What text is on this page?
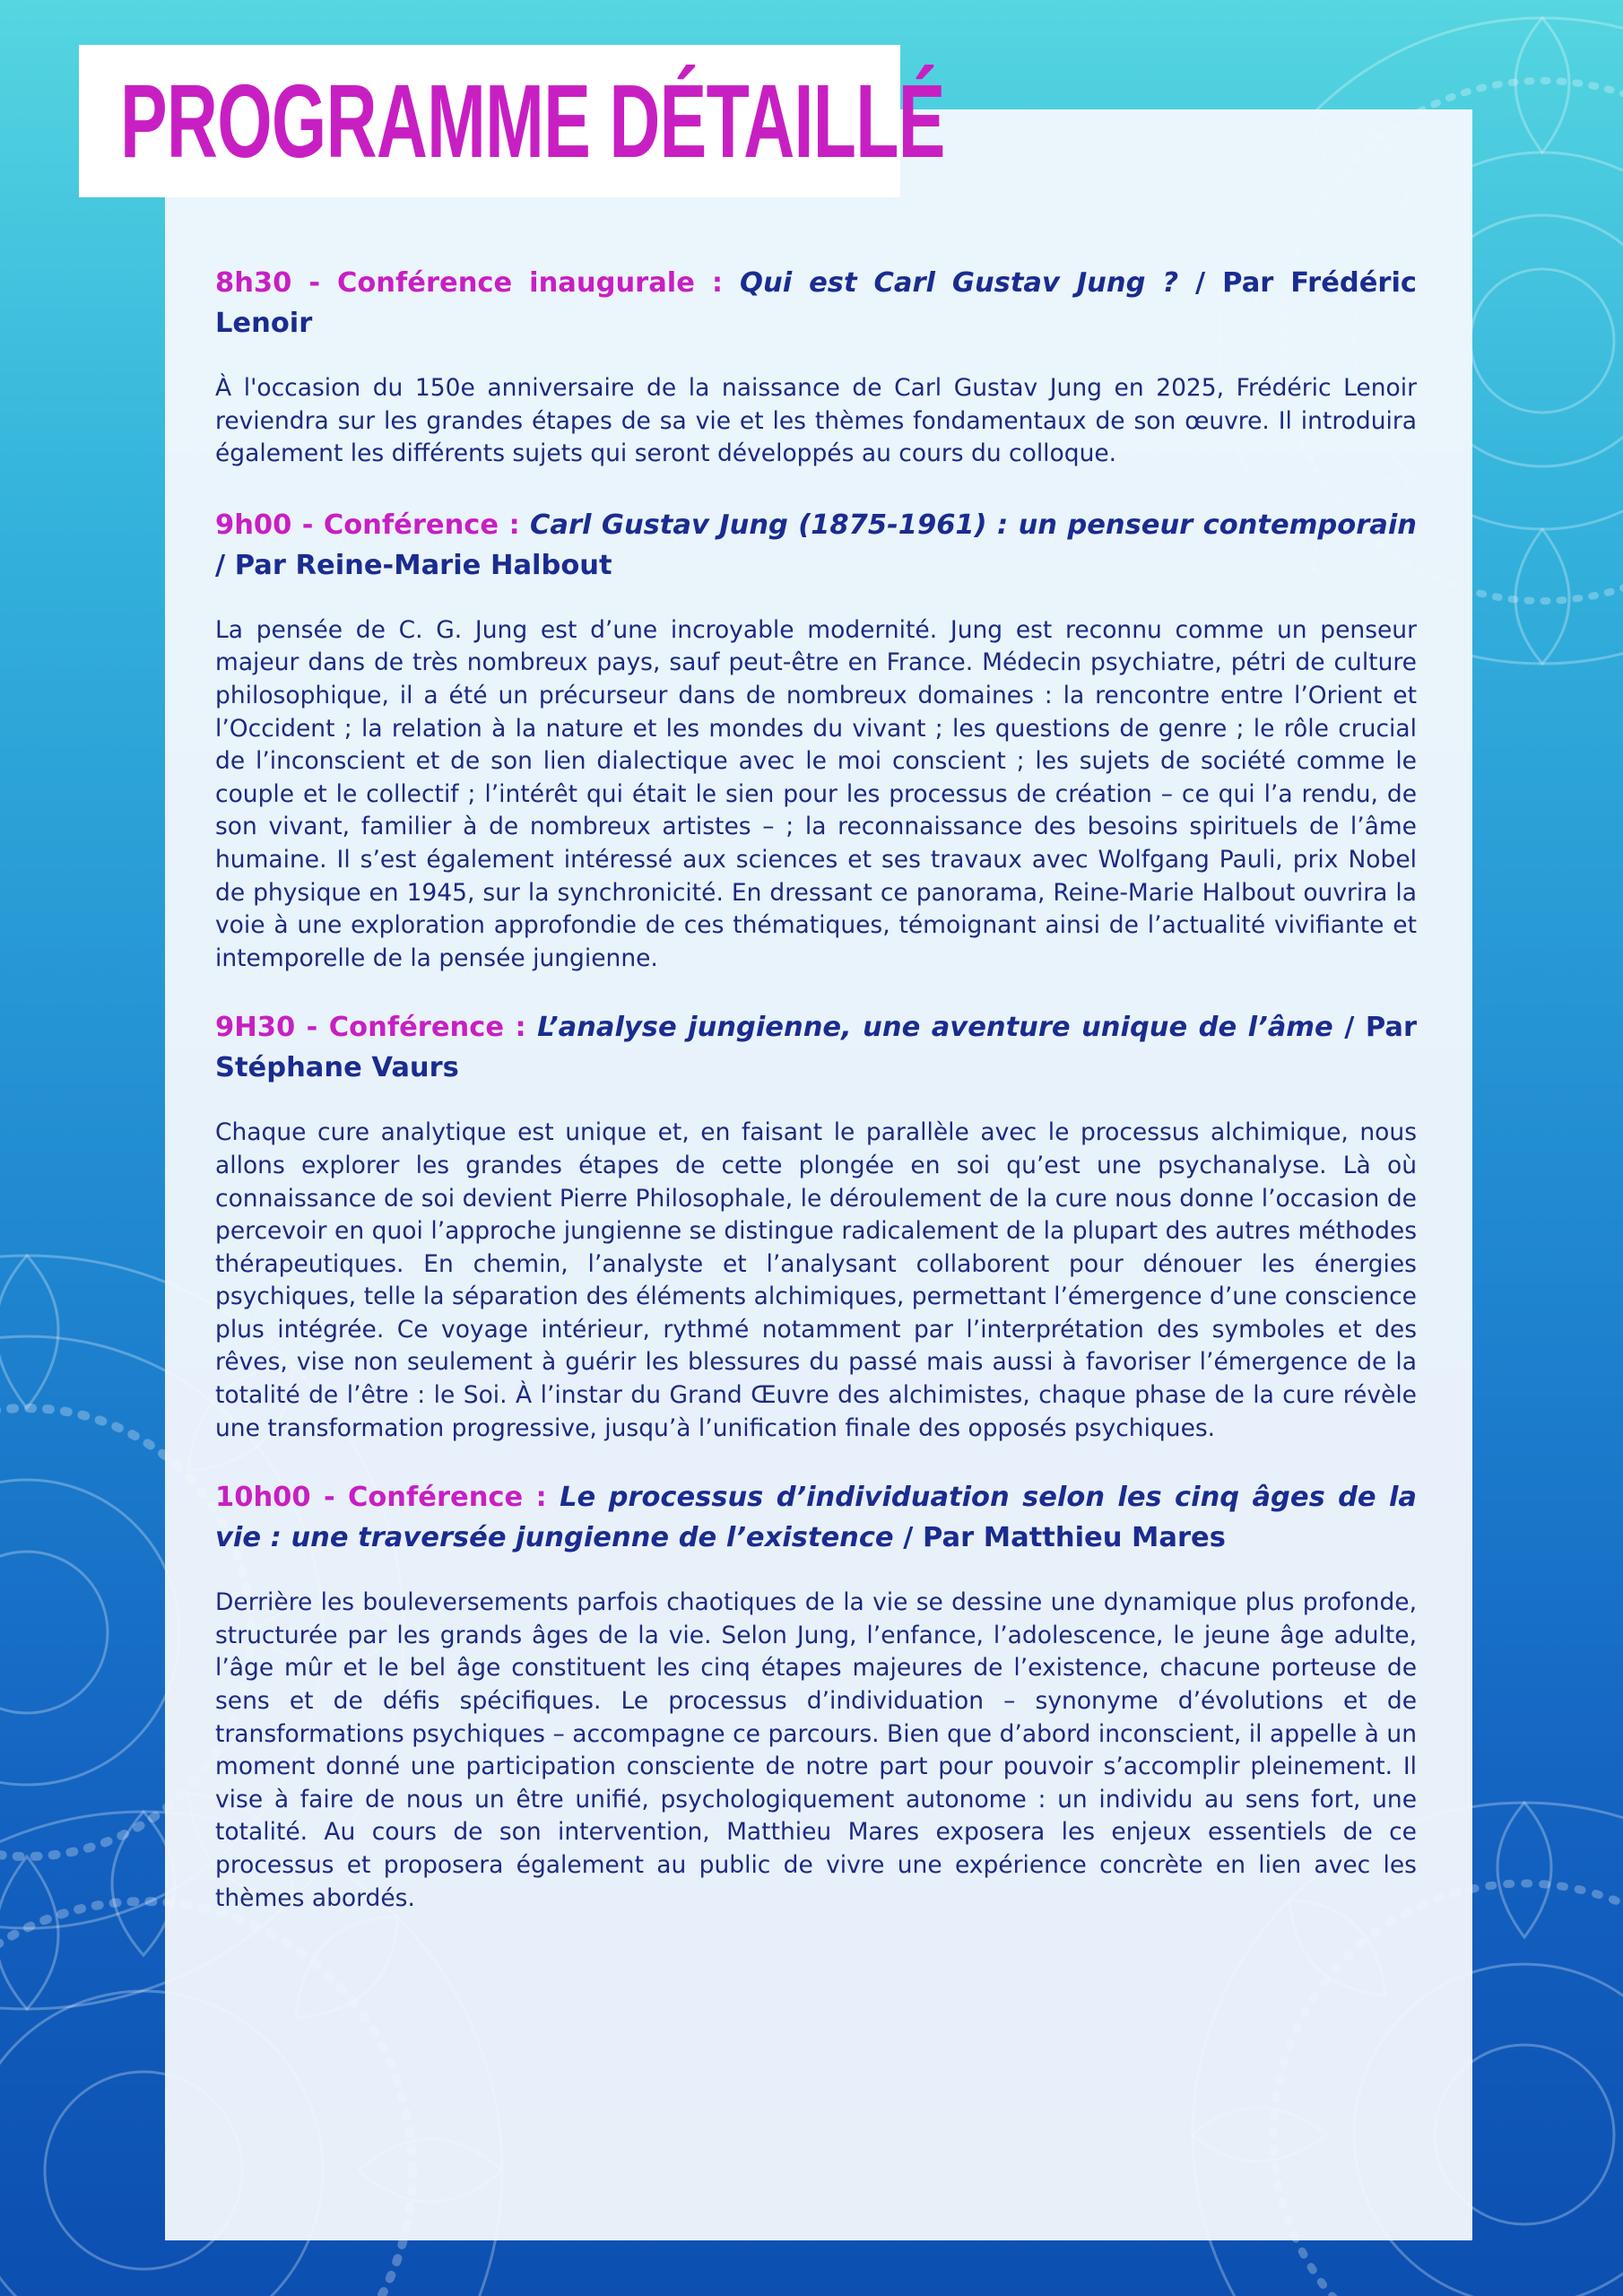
PROGRAMME DÉTAILLÉ

8h30 - Conférence inaugurale : Qui est Carl Gustav Jung ? / Par Frédéric Lenoir

À l'occasion du 150e anniversaire de la naissance de Carl Gustav Jung en 2025, Frédéric Lenoir reviendra sur les grandes étapes de sa vie et les thèmes fondamentaux de son œuvre. Il introduira également les différents sujets qui seront développés au cours du colloque.

9h00 - Conférence : Carl Gustav Jung (1875-1961) : un penseur contemporain / Par Reine-Marie Halbout

La pensée de C. G. Jung est d’une incroyable modernité. Jung est reconnu comme un penseur majeur dans de très nombreux pays, sauf peut-être en France. Médecin psychiatre, pétri de culture philosophique, il a été un précurseur dans de nombreux domaines : la rencontre entre l’Orient et l’Occident ; la relation à la nature et les mondes du vivant ; les questions de genre ; le rôle crucial de l’inconscient et de son lien dialectique avec le moi conscient ; les sujets de société comme le couple et le collectif ; l’intérêt qui était le sien pour les processus de création – ce qui l’a rendu, de son vivant, familier à de nombreux artistes – ; la reconnaissance des besoins spirituels de l’âme humaine. Il s’est également intéressé aux sciences et ses travaux avec Wolfgang Pauli, prix Nobel de physique en 1945, sur la synchronicité. En dressant ce panorama, Reine-Marie Halbout ouvrira la voie à une exploration approfondie de ces thématiques, témoignant ainsi de l’actualité vivifiante et intemporelle de la pensée jungienne.

9H30 - Conférence : L’analyse jungienne, une aventure unique de l’âme / Par Stéphane Vaurs

Chaque cure analytique est unique et, en faisant le parallèle avec le processus alchimique, nous allons explorer les grandes étapes de cette plongée en soi qu’est une psychanalyse. Là où connaissance de soi devient Pierre Philosophale, le déroulement de la cure nous donne l’occasion de percevoir en quoi l’approche jungienne se distingue radicalement de la plupart des autres méthodes thérapeutiques. En chemin, l’analyste et l’analysant collaborent pour dénouer les énergies psychiques, telle la séparation des éléments alchimiques, permettant l’émergence d’une conscience plus intégrée. Ce voyage intérieur, rythmé notamment par l’interprétation des symboles et des rêves, vise non seulement à guérir les blessures du passé mais aussi à favoriser l’émergence de la totalité de l’être : le Soi. À l’instar du Grand Œuvre des alchimistes, chaque phase de la cure révèle une transformation progressive, jusqu’à l’unification finale des opposés psychiques.

10h00 - Conférence : Le processus d’individuation selon les cinq âges de la vie : une traversée jungienne de l’existence / Par Matthieu Mares

Derrière les bouleversements parfois chaotiques de la vie se dessine une dynamique plus profonde, structurée par les grands âges de la vie. Selon Jung, l’enfance, l’adolescence, le jeune âge adulte, l’âge mûr et le bel âge constituent les cinq étapes majeures de l’existence, chacune porteuse de sens et de défis spécifiques. Le processus d’individuation – synonyme d’évolutions et de transformations psychiques – accompagne ce parcours. Bien que d’abord inconscient, il appelle à un moment donné une participation consciente de notre part pour pouvoir s’accomplir pleinement. Il vise à faire de nous un être unifié, psychologiquement autonome : un individu au sens fort, une totalité. Au cours de son intervention, Matthieu Mares exposera les enjeux essentiels de ce processus et proposera également au public de vivre une expérience concrète en lien avec les thèmes abordés.
